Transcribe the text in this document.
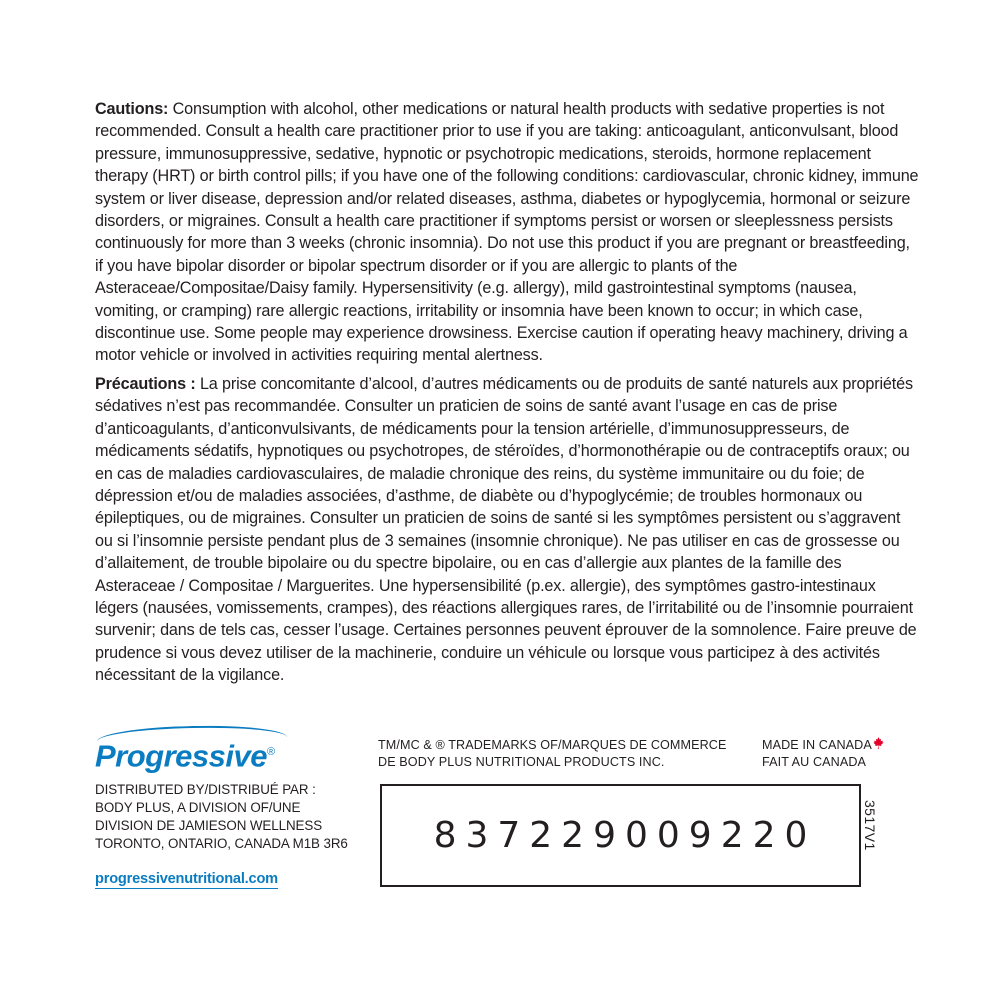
Cautions: Consumption with alcohol, other medications or natural health products with sedative properties is not recommended. Consult a health care practitioner prior to use if you are taking: anticoagulant, anticonvulsant, blood pressure, immunosuppressive, sedative, hypnotic or psychotropic medications, steroids, hormone replacement therapy (HRT) or birth control pills; if you have one of the following conditions: cardiovascular, chronic kidney, immune system or liver disease, depression and/or related diseases, asthma, diabetes or hypoglycemia, hormonal or seizure disorders, or migraines. Consult a health care practitioner if symptoms persist or worsen or sleeplessness persists continuously for more than 3 weeks (chronic insomnia). Do not use this product if you are pregnant or breastfeeding, if you have bipolar disorder or bipolar spectrum disorder or if you are allergic to plants of the Asteraceae/Compositae/Daisy family. Hypersensitivity (e.g. allergy), mild gastrointestinal symptoms (nausea, vomiting, or cramping) rare allergic reactions, irritability or insomnia have been known to occur; in which case, discontinue use. Some people may experience drowsiness. Exercise caution if operating heavy machinery, driving a motor vehicle or involved in activities requiring mental alertness.

Précautions : La prise concomitante d’alcool, d’autres médicaments ou de produits de santé naturels aux propriétés sédatives n’est pas recommandée. Consulter un praticien de soins de santé avant l’usage en cas de prise d’anticoagulants, d’anticonvulsivants, de médicaments pour la tension artérielle, d’immunosuppresseurs, de médicaments sédatifs, hypnotiques ou psychotropes, de stéroïdes, d’hormonothérapie ou de contraceptifs oraux; ou en cas de maladies cardiovasculaires, de maladie chronique des reins, du système immunitaire ou du foie; de dépression et/ou de maladies associées, d’asthme, de diabète ou d’hypoglycémie; de troubles hormonaux ou épileptiques, ou de migraines. Consulter un praticien de soins de santé si les symptômes persistent ou s’aggravent ou si l’insomnie persiste pendant plus de 3 semaines (insomnie chronique). Ne pas utiliser en cas de grossesse ou d’allaitement, de trouble bipolaire ou du spectre bipolaire, ou en cas d’allergie aux plantes de la famille des Asteraceae / Compositae / Marguerites. Une hypersensibilité (p.ex. allergie), des symptômes gastro-intestinaux légers (nausées, vomissements, crampes), des réactions allergiques rares, de l’irritabilité ou de l’insomnie pourraient survenir; dans de tels cas, cesser l’usage. Certaines personnes peuvent éprouver de la somnolence. Faire preuve de prudence si vous devez utiliser de la machinerie, conduire un véhicule ou lorsque vous participez à des activités nécessitant de la vigilance.

Progressive®
DISTRIBUTED BY/DISTRIBUÉ PAR :
BODY PLUS, A DIVISION OF/UNE
DIVISION DE JAMIESON WELLNESS
TORONTO, ONTARIO, CANADA M1B 3R6
progressivenutritional.com
TM/MC & ® TRADEMARKS OF/MARQUES DE COMMERCE
DE BODY PLUS NUTRITIONAL PRODUCTS INC.
MADE IN CANADA
FAIT AU CANADA
837229009220	3517V1
